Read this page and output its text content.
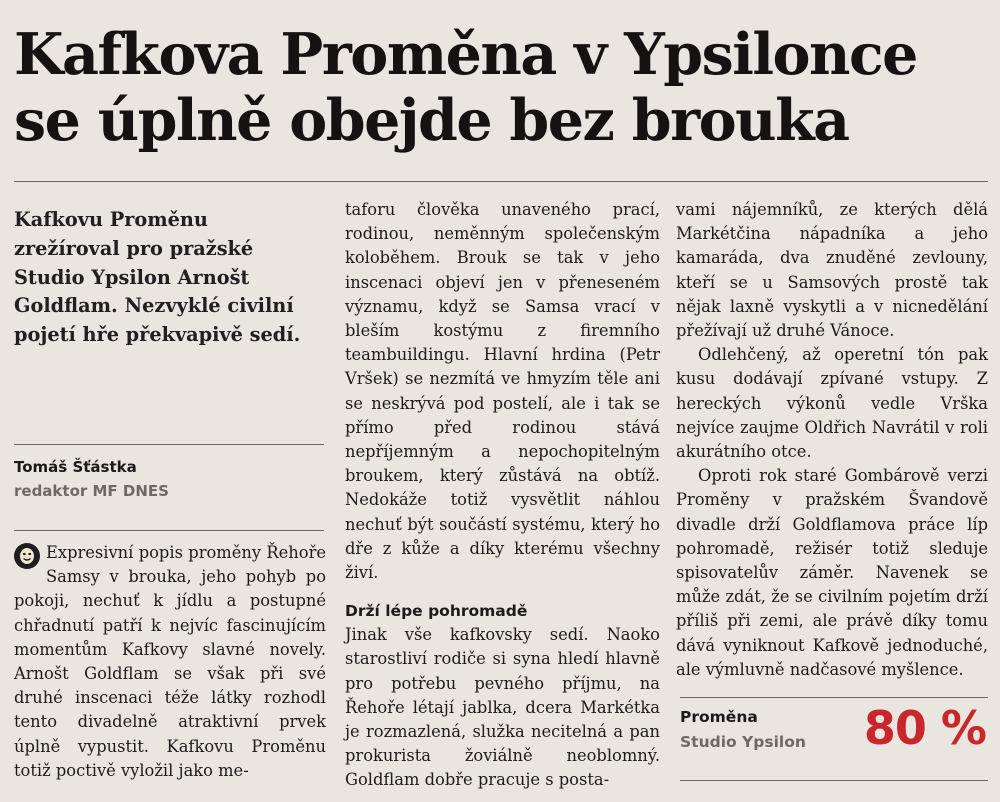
Kafkova Proměna v Ypsiloncе
se úplně obejde bez brouka

Kafkovu Proměnu zrežíroval pro pražské Studio Ypsilon Arnošt Goldflam. Nezvyklé civilní pojetí hře překvapivě sedí.

Tomáš Šťástka
redaktor MF DNES

Expresivní popis proměny Řehoře Samsy v brouka, jeho pohyb po pokoji, nechuť k jídlu a postupné chřadnutí patří k nejvíc fascinujícím momentům Kafkovy slavné novely. Arnošt Goldflam se však při své druhé inscenaci téže látky rozhodl tento divadelně atraktivní prvek úplně vypustit. Kafkovu Proměnu totiž poctivě vyložil jako me-

taforu člověka unaveného prací, rodinou, neměnným společenským koloběhem. Brouk se tak v jeho inscenaci objeví jen v přeneseném významu, když se Samsa vrací v bleším kostýmu z firemního teambuildingu. Hlavní hrdina (Petr Vršek) se nezmítá ve hmyzím těle ani se neskrývá pod postelí, ale i tak se přímo před rodinou stává nepříjemným a nepochopitelným broukem, který zůstává na obtíž. Nedokáže totiž vysvětlit náhlou nechuť být součástí systému, který ho dře z kůže a díky kterému všechny živí.

Drží lépe pohromadě

Jinak vše kafkovsky sedí. Naoko starostliví rodiče si syna hledí hlavně pro potřebu pevného příjmu, na Řehoře létají jablka, dcera Markétka je rozmazlená, služka necitelná a pan prokurista žoviálně neoblomný. Goldflam dobře pracuje s posta-

vami nájemníků, ze kterých dělá Markétčina nápadníka a jeho kamaráda, dva znuděné zevlouny, kteří se u Samsových prostě tak nějak laxně vyskytli a v nicnedělání přežívají už druhé Vánoce.

Odlehčený, až operetní tón pak kusu dodávají zpívané vstupy. Z hereckých výkonů vedle Vrška nejvíce zaujme Oldřich Navrátil v roli akurátního otce.

Oproti rok staré Gombárově verzi Proměny v pražském Švandově divadle drží Goldflamova práce líp pohromadě, režisér totiž sleduje spisovatelův záměr. Navenek se může zdát, že se civilním pojetím drží příliš při zemi, ale právě díky tomu dává vyniknout Kafkově jednoduché, ale výmluvně nadčasové myšlence.

Proměna
Studio Ypsilon 80 %
